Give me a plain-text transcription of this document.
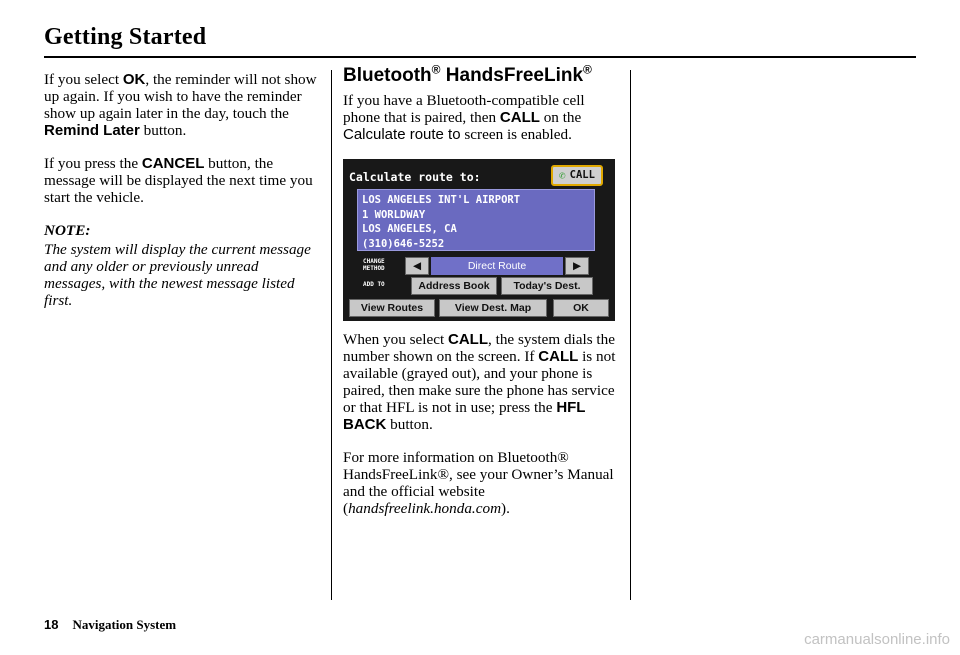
Getting Started

If you select OK, the reminder will not show up again. If you wish to have the reminder show up again later in the day, touch the Remind Later button.

If you press the CANCEL button, the message will be displayed the next time you start the vehicle.

NOTE:
The system will display the current message and any older or previously unread messages, with the newest message listed first.
Bluetooth® HandsFreeLink®

If you have a Bluetooth-compatible cell phone that is paired, then CALL on the Calculate route to screen is enabled.

Calculate route to:	✆ CALL
LOS ANGELES INT'L AIRPORT
1 WORLDWAY
LOS ANGELES, CA
(310)646-5252
CHANGE
METHOD	◀	Direct Route	▶
ADD TO	Address Book	Today's Dest.
View Routes	View Dest. Map	OK

When you select CALL, the system dials the number shown on the screen. If CALL is not available (grayed out), and your phone is paired, then make sure the phone has service or that HFL is not in use; press the HFL BACK button.

For more information on Bluetooth® HandsFreeLink®, see your Owner’s Manual and the official website (handsfreelink.honda.com).

18 Navigation System
carmanualsonline.info
